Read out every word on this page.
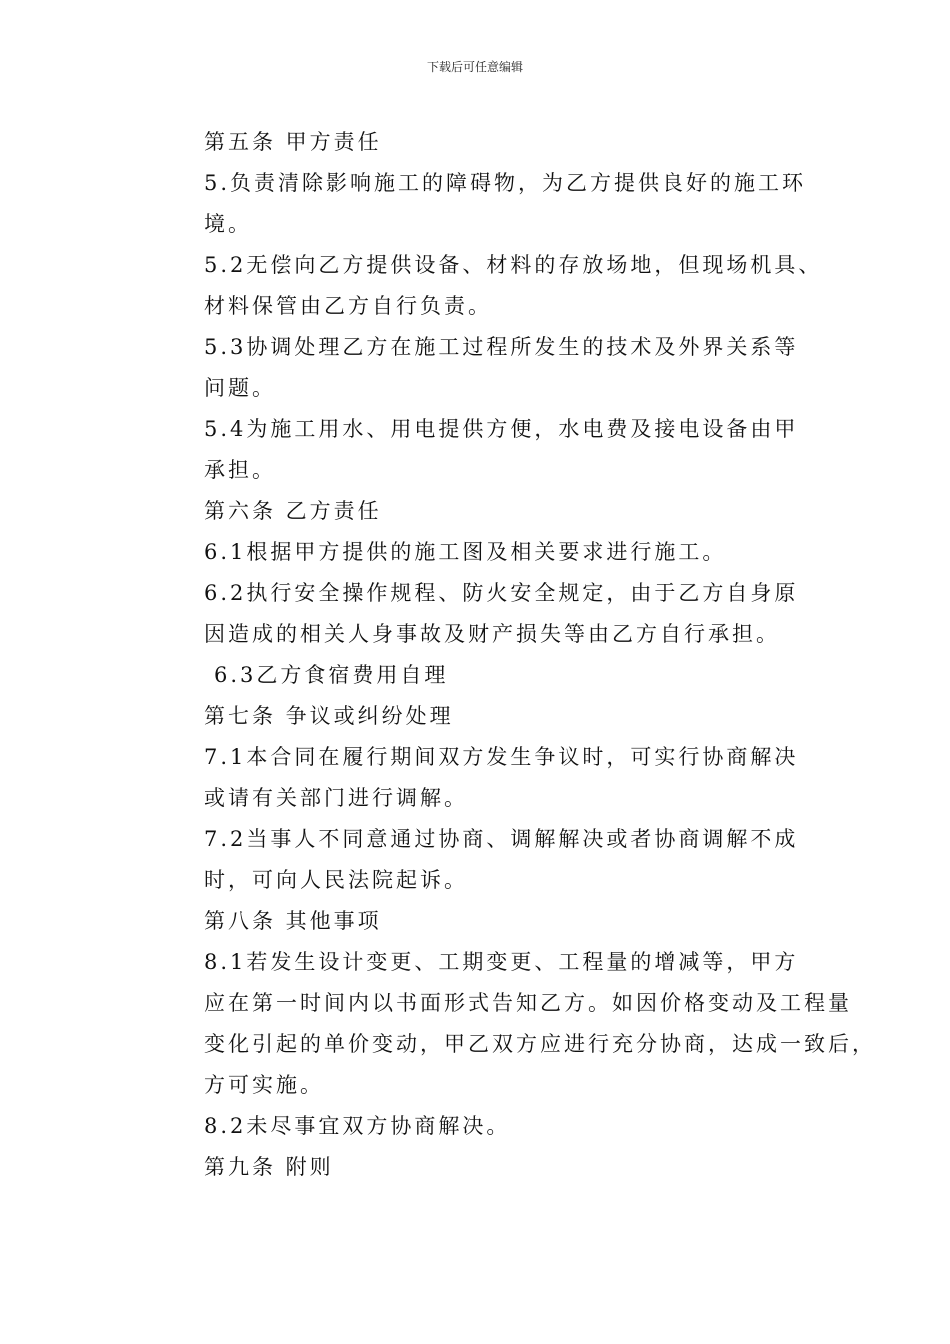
下载后可任意编辑
第五条 甲方责任
5.负责清除影响施工的障碍物，为乙方提供良好的施工环
境。
5.2无偿向乙方提供设备、材料的存放场地，但现场机具、
材料保管由乙方自行负责。
5.3协调处理乙方在施工过程所发生的技术及外界关系等
问题。
5.4为施工用水、用电提供方便，水电费及接电设备由甲
承担。
第六条 乙方责任
6.1根据甲方提供的施工图及相关要求进行施工。
6.2执行安全操作规程、防火安全规定，由于乙方自身原
因造成的相关人身事故及财产损失等由乙方自行承担。
6.3乙方食宿费用自理
第七条 争议或纠纷处理
7.1本合同在履行期间双方发生争议时，可实行协商解决
或请有关部门进行调解。
7.2当事人不同意通过协商、调解解决或者协商调解不成
时，可向人民法院起诉。
第八条 其他事项
8.1若发生设计变更、工期变更、工程量的增减等，甲方
应在第一时间内以书面形式告知乙方。如因价格变动及工程量
变化引起的单价变动，甲乙双方应进行充分协商，达成一致后，
方可实施。
8.2未尽事宜双方协商解决。
第九条 附则
